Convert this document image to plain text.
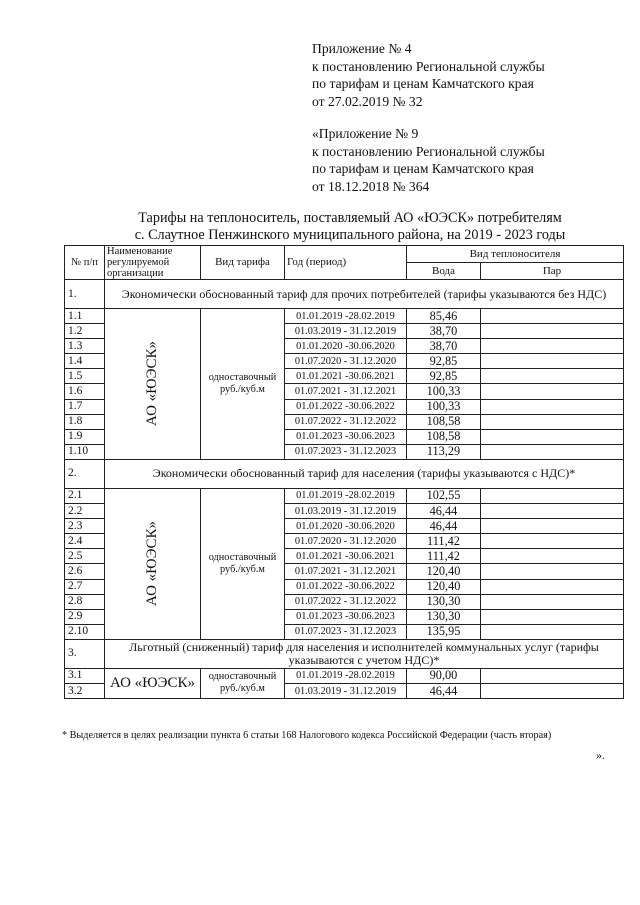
Приложение № 4
к постановлению Региональной службы
по тарифам и ценам Камчатского края
от 27.02.2019 № 32
«Приложение № 9
к постановлению Региональной службы
по тарифам и ценам Камчатского края
от 18.12.2018 № 364
Тарифы на теплоноситель, поставляемый АО «ЮЭСК» потребителям
с. Слаутное Пенжинского муниципального района, на 2019 - 2023 годы
№ п/п	Наименование регулируемой организации	Вид тарифа	Год (период)	Вид теплоносителя	
				Вода	Пар
1.	Экономически обоснованный тариф для прочих потребителей (тарифы указываются без НДС)				
1.1	АО «ЮЭСК»	одноставочный руб./куб.м	01.01.2019 -28.02.2019	85,46	
1.2			01.03.2019 - 31.12.2019	38,70	
1.3			01.01.2020 -30.06.2020	38,70	
1.4			01.07.2020 - 31.12.2020	92,85	
1.5			01.01.2021 -30.06.2021	92,85	
1.6			01.07.2021 - 31.12.2021	100,33	
1.7			01.01.2022 -30.06.2022	100,33	
1.8			01.07.2022 - 31.12.2022	108,58	
1.9			01.01.2023 -30.06.2023	108,58	
1.10			01.07.2023 - 31.12.2023	113,29	
2.	Экономически обоснованный тариф для населения (тарифы указываются с НДС)*				
2.1	АО «ЮЭСК»	одноставочный руб./куб.м	01.01.2019 -28.02.2019	102,55	
2.2			01.03.2019 - 31.12.2019	46,44	
2.3			01.01.2020 -30.06.2020	46,44	
2.4			01.07.2020 - 31.12.2020	111,42	
2.5			01.01.2021 -30.06.2021	111,42	
2.6			01.07.2021 - 31.12.2021	120,40	
2.7			01.01.2022 -30.06.2022	120,40	
2.8			01.07.2022 - 31.12.2022	130,30	
2.9			01.01.2023 -30.06.2023	130,30	
2.10			01.07.2023 - 31.12.2023	135,95	
3.	Льготный (сниженный) тариф для населения и исполнителей коммунальных услуг (тарифы указываются с учетом НДС)*				
3.1	АО «ЮЭСК»	одноставочный руб./куб.м	01.01.2019 -28.02.2019	90,00	
3.2			01.03.2019 - 31.12.2019	46,44	
* Выделяется в целях реализации пункта 6 статьи 168 Налогового кодекса Российской Федерации (часть вторая)
».
